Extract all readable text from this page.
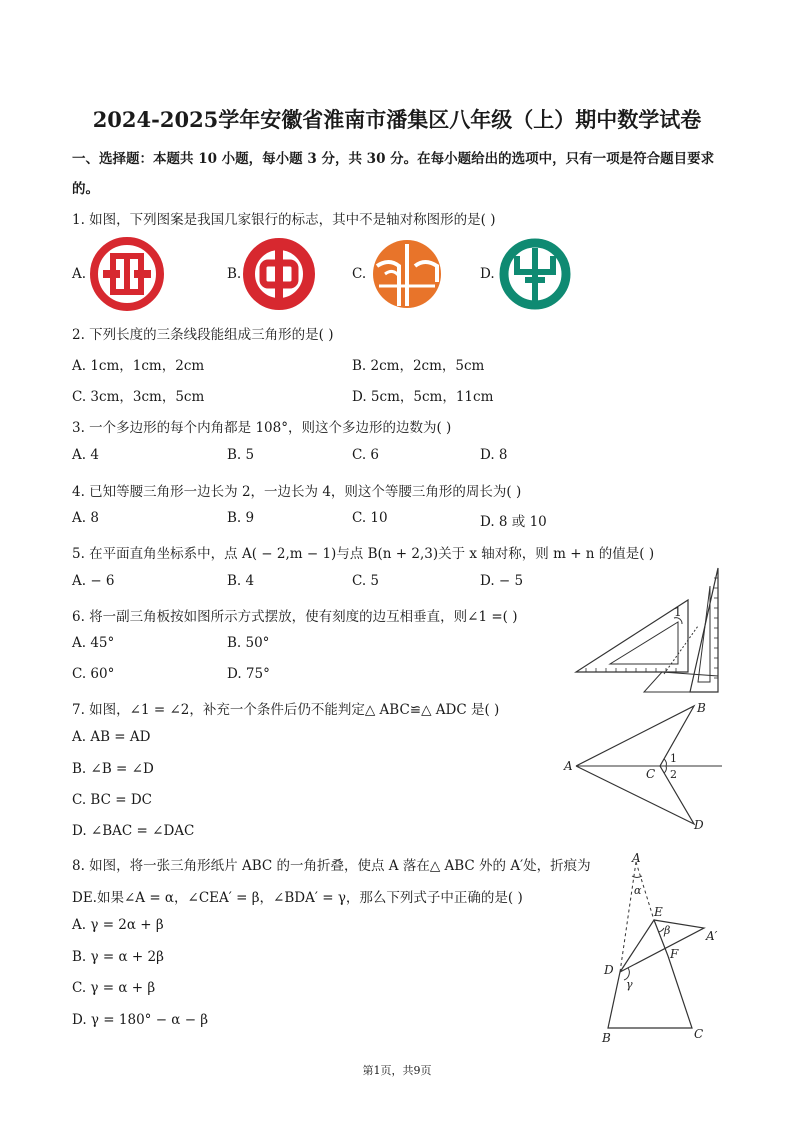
2024-2025学年安徽省淮南市潘集区八年级（上）期中数学试卷
一、选择题：本题共 10 小题，每小题 3 分，共 30 分。在每小题给出的选项中，只有一项是符合题目要求
的。
1. 如图，下列图案是我国几家银行的标志，其中不是轴对称图形的是( )
A.	B.	C.	D.
2. 下列长度的三条线段能组成三角形的是( )
A. 1cm，1cm，2cm	B. 2cm，2cm，5cm
C. 3cm，3cm，5cm	D. 5cm，5cm，11cm
3. 一个多边形的每个内角都是 108°，则这个多边形的边数为( )
A. 4	B. 5	C. 6	D. 8
4. 已知等腰三角形一边长为 2，一边长为 4，则这个等腰三角形的周长为( )
A. 8	B. 9	C. 10	D. 8 或 10
5. 在平面直角坐标系中，点 A( − 2,m − 1)与点 B(n + 2,3)关于 x 轴对称，则 m + n 的值是( )
A. − 6	B. 4	C. 5	D. − 5
6. 将一副三角板按如图所示方式摆放，使有刻度的边互相垂直，则∠1 =( )
A. 45°	B. 50°
C. 60°	D. 75°
1
7. 如图，∠1 = ∠2，补充一个条件后仍不能判定△ ABC≌△ ADC 是( )
A. AB = AD
B. ∠B = ∠D
C. BC = DC
D. ∠BAC = ∠DAC
A
B
C
D
1
2
8. 如图，将一张三角形纸片 ABC 的一角折叠，使点 A 落在△ ABC 外的 A′处，折痕为
DE.如果∠A = α，∠CEA′ = β，∠BDA′ = γ，那么下列式子中正确的是( )
A. γ = 2α + β
B. γ = α + 2β
C. γ = α + β
D. γ = 180° − α − β
A
α
E
β	A′
D
F
γ
B	C
第1页，共9页
